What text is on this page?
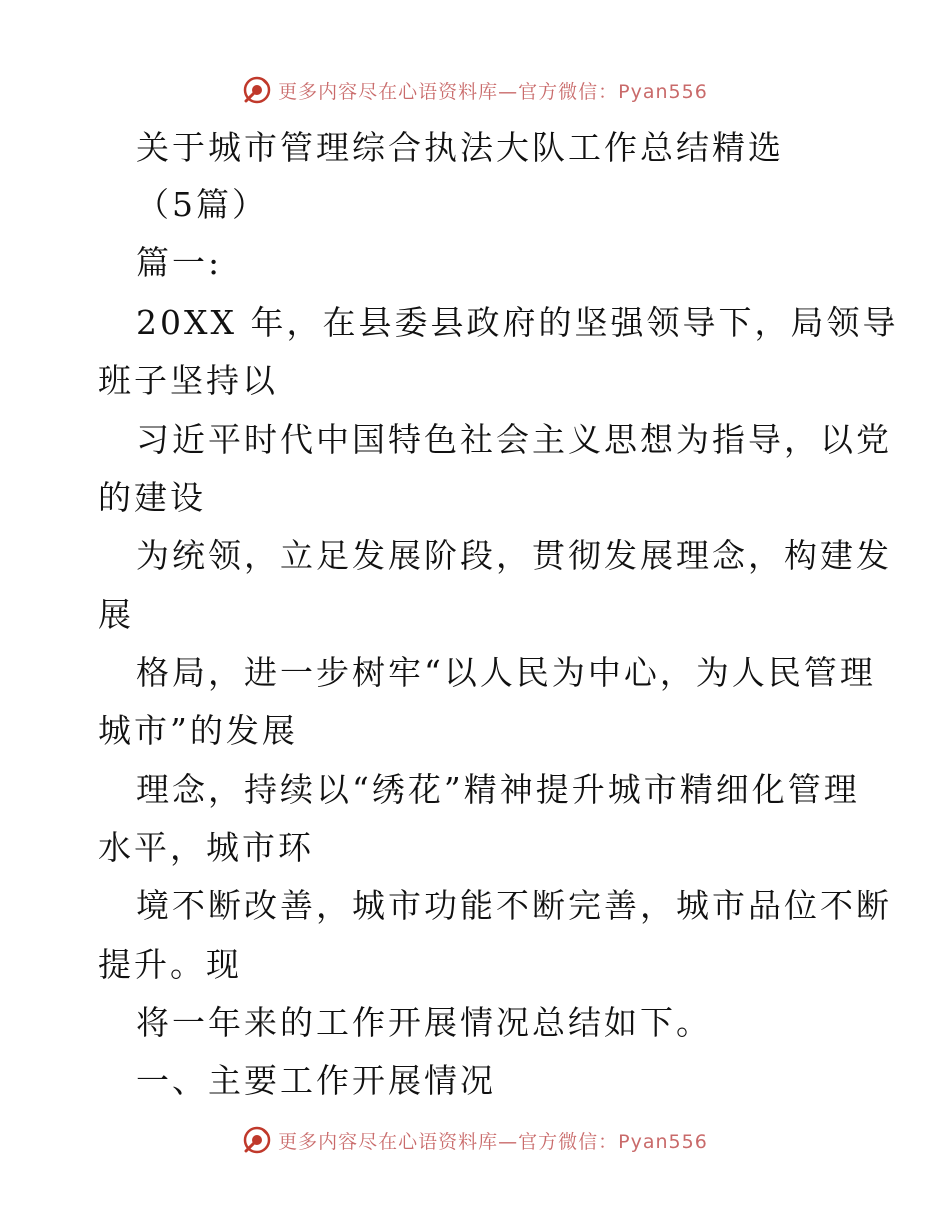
更多内容尽在心语资料库—官方微信：Pyan556
关于城市管理综合执法大队工作总结精选
（5篇）
篇一:
20XX 年，在县委县政府的坚强领导下，局领导
班子坚持以
习近平时代中国特色社会主义思想为指导，以党
的建设
为统领，立足发展阶段，贯彻发展理念，构建发
展
格局，进一步树牢“以人民为中心，为人民管理
城市”的发展
理念，持续以“绣花”精神提升城市精细化管理
水平，城市环
境不断改善，城市功能不断完善，城市品位不断
提升。现
将一年来的工作开展情况总结如下。
一、主要工作开展情况
更多内容尽在心语资料库—官方微信：Pyan556
